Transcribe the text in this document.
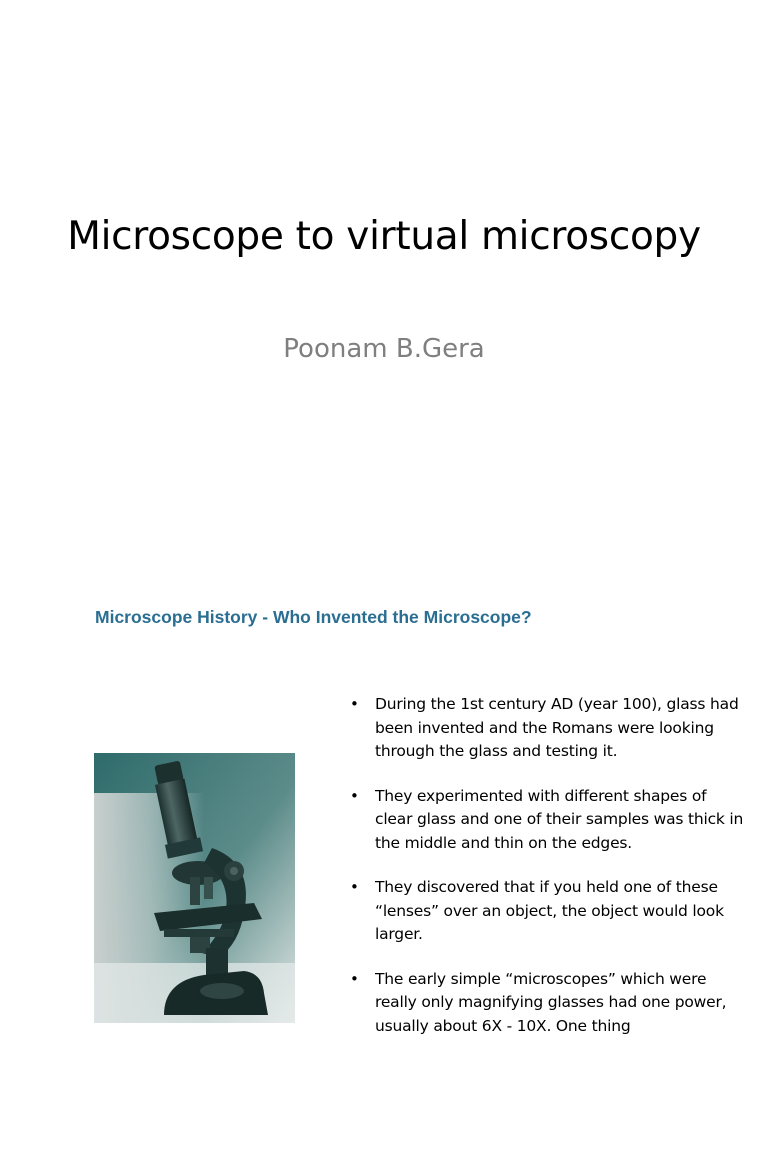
Microscope to virtual microscopy

Poonam B.Gera

Microscope History - Who Invented the Microscope?
• During the 1st century AD (year 100), glass had been invented and the Romans were looking through the glass and testing it.
• They experimented with different shapes of clear glass and one of their samples was thick in the middle and thin on the edges.
• They discovered that if you held one of these “lenses” over an object, the object would look larger.
• The early simple “microscopes” which were really only magnifying glasses had one power, usually about 6X - 10X. One thing
